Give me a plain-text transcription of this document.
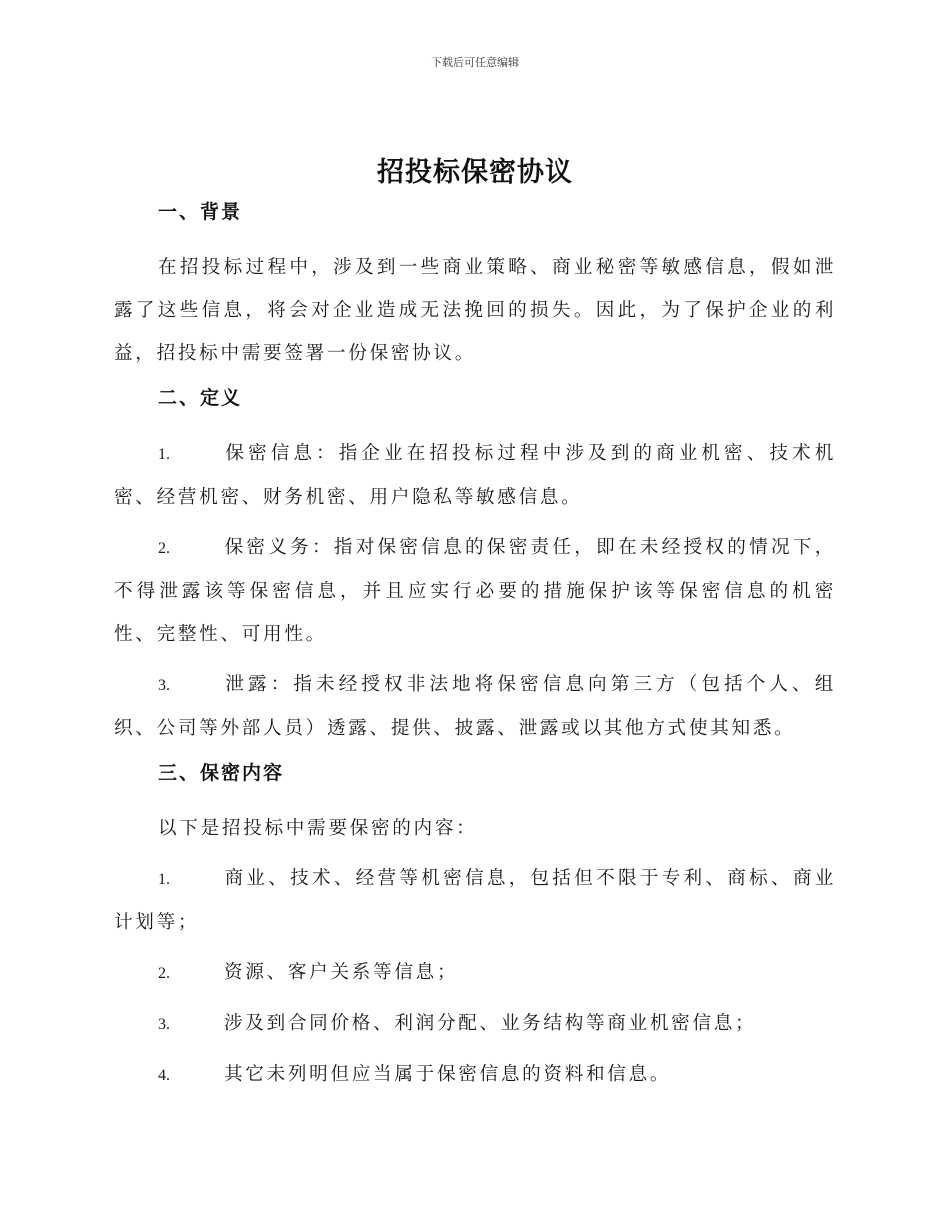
下载后可任意编辑
招投标保密协议
一、背景

在招投标过程中，涉及到一些商业策略、商业秘密等敏感信息，假如泄露了这些信息，将会对企业造成无法挽回的损失。因此，为了保护企业的利益，招投标中需要签署一份保密协议。

二、定义

1.	保密信息：指企业在招投标过程中涉及到的商业机密、技术机密、经营机密、财务机密、用户隐私等敏感信息。

2.	保密义务：指对保密信息的保密责任，即在未经授权的情况下，不得泄露该等保密信息，并且应实行必要的措施保护该等保密信息的机密性、完整性、可用性。

3.	泄露：指未经授权非法地将保密信息向第三方（包括个人、组织、公司等外部人员）透露、提供、披露、泄露或以其他方式使其知悉。

三、保密内容

以下是招投标中需要保密的内容：

1.	商业、技术、经营等机密信息，包括但不限于专利、商标、商业计划等；

2.	资源、客户关系等信息；

3.	涉及到合同价格、利润分配、业务结构等商业机密信息；

4.	其它未列明但应当属于保密信息的资料和信息。
